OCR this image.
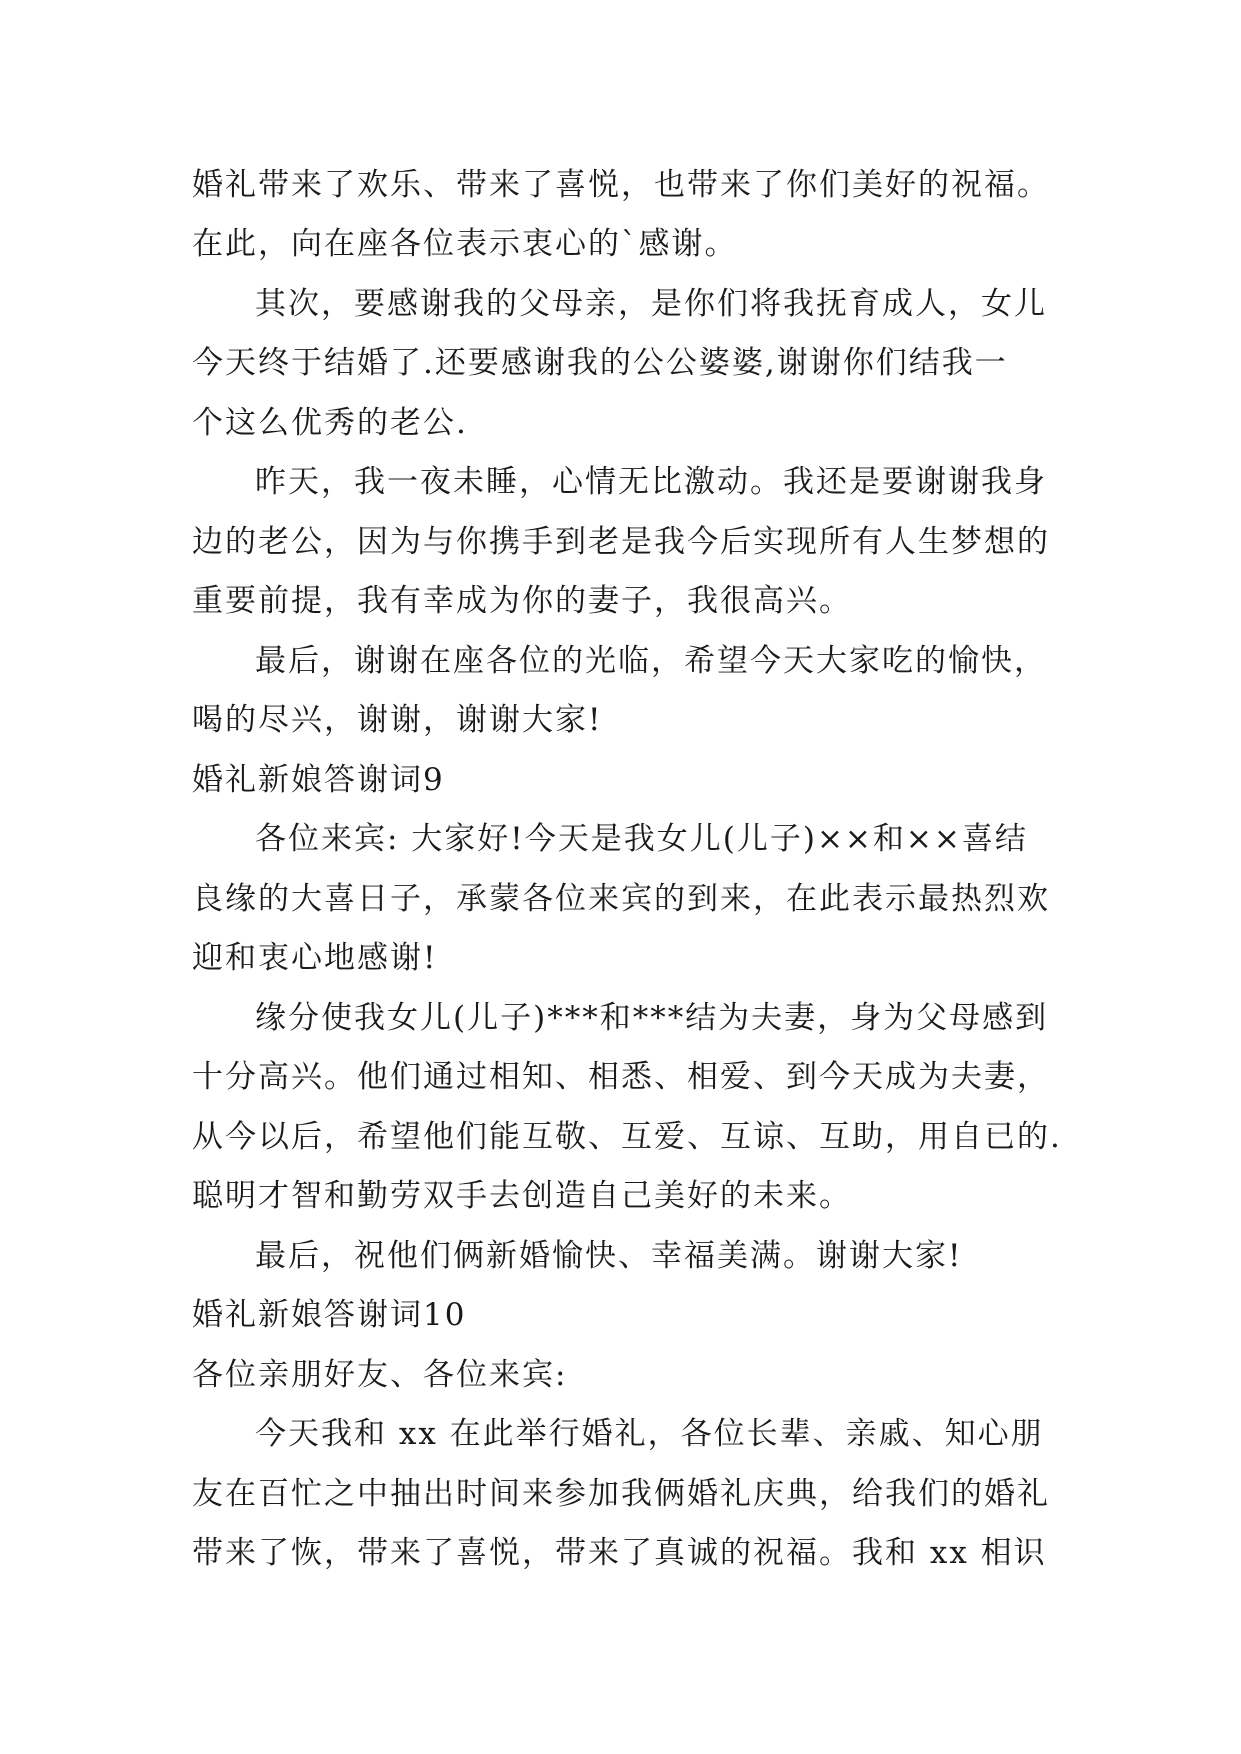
婚礼带来了欢乐、带来了喜悦，也带来了你们美好的祝福。
在此，向在座各位表示衷心的`感谢。
其次，要感谢我的父母亲，是你们将我抚育成人，女儿
今天终于结婚了.还要感谢我的公公婆婆,谢谢你们结我一
个这么优秀的老公.
昨天，我一夜未睡，心情无比激动。我还是要谢谢我身
边的老公，因为与你携手到老是我今后实现所有人生梦想的
重要前提，我有幸成为你的妻子，我很高兴。
最后，谢谢在座各位的光临，希望今天大家吃的愉快，
喝的尽兴，谢谢，谢谢大家!
婚礼新娘答谢词9
各位来宾: 大家好!今天是我女儿(儿子)××和××喜结
良缘的大喜日子，承蒙各位来宾的到来，在此表示最热烈欢
迎和衷心地感谢!
缘分使我女儿(儿子)***和***结为夫妻，身为父母感到
十分高兴。他们通过相知、相悉、相爱、到今天成为夫妻，
从今以后，希望他们能互敬、互爱、互谅、互助，用自已的.
聪明才智和勤劳双手去创造自己美好的未来。
最后，祝他们俩新婚愉快、幸福美满。谢谢大家!
婚礼新娘答谢词10
各位亲朋好友、各位来宾:
今天我和 xx 在此举行婚礼，各位长辈、亲戚、知心朋
友在百忙之中抽出时间来参加我俩婚礼庆典，给我们的婚礼
带来了恢，带来了喜悦，带来了真诚的祝福。我和 xx 相识
